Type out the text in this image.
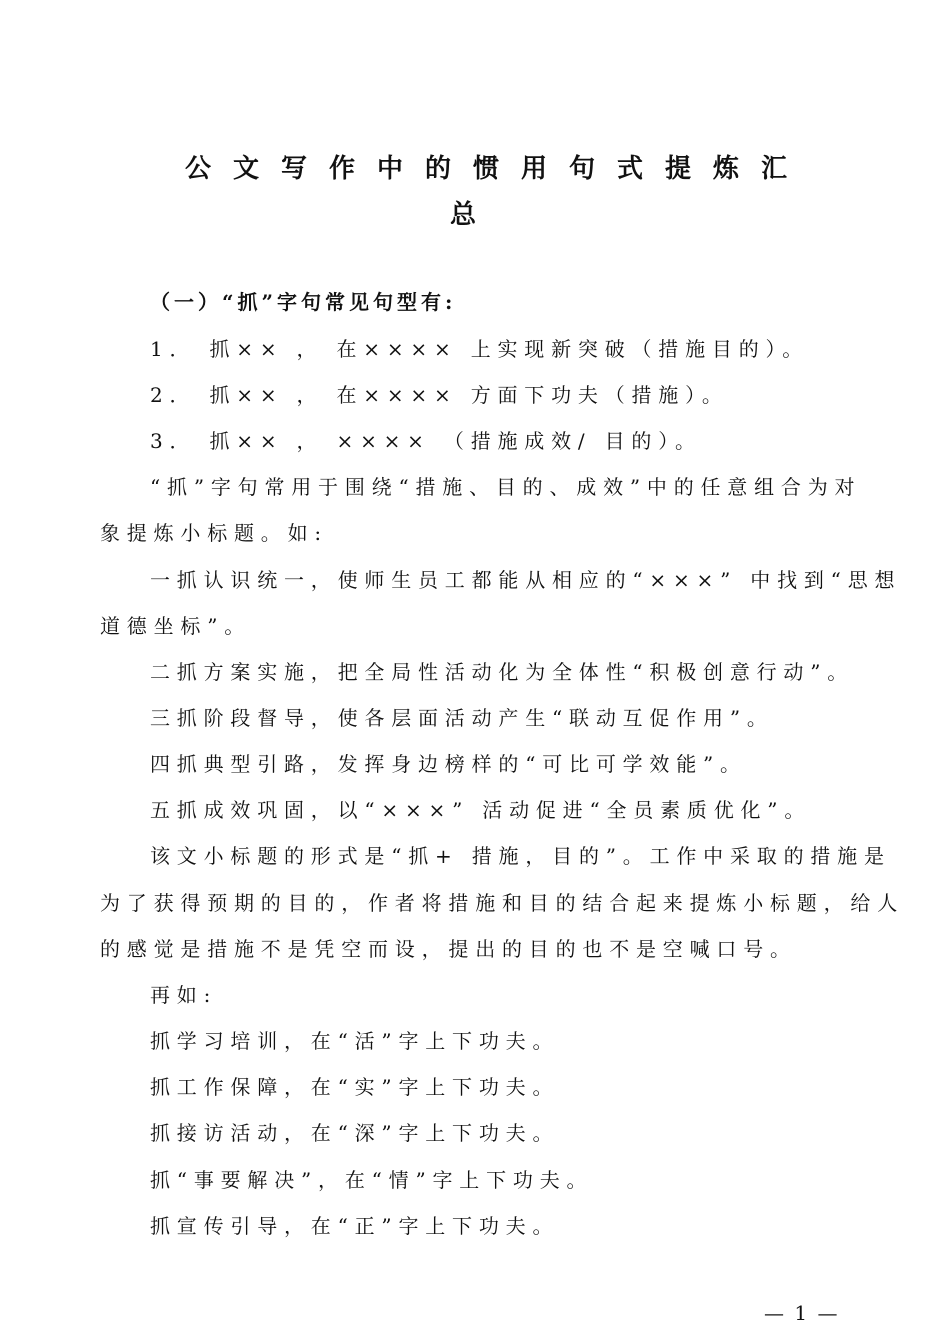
公文写作中的惯用句式提炼汇
总
（一）“抓”字句常见句型有:
1． 抓×× ， 在×××× 上实现新突破（措施目的）。
2． 抓×× ， 在×××× 方面下功夫（措施）。
3． 抓×× ， ×××× （措施成效/ 目的）。
“抓”字句常用于围绕“措施、目的、成效”中的任意组合为对
象提炼小标题。如:
一抓认识统一，使师生员工都能从相应的“×××” 中找到“思想
道德坐标”。
二抓方案实施，把全局性活动化为全体性“积极创意行动”。
三抓阶段督导，使各层面活动产生“联动互促作用”。
四抓典型引路，发挥身边榜样的“可比可学效能”。
五抓成效巩固，以“×××” 活动促进“全员素质优化”。
该文小标题的形式是“抓+ 措施，目的”。工作中采取的措施是
为了获得预期的目的，作者将措施和目的结合起来提炼小标题，给人
的感觉是措施不是凭空而设，提出的目的也不是空喊口号。
再如:
抓学习培训，在“活”字上下功夫。
抓工作保障，在“实”字上下功夫。
抓接访活动，在“深”字上下功夫。
抓“事要解决”，在“情”字上下功夫。
抓宣传引导，在“正”字上下功夫。
— 1 —
